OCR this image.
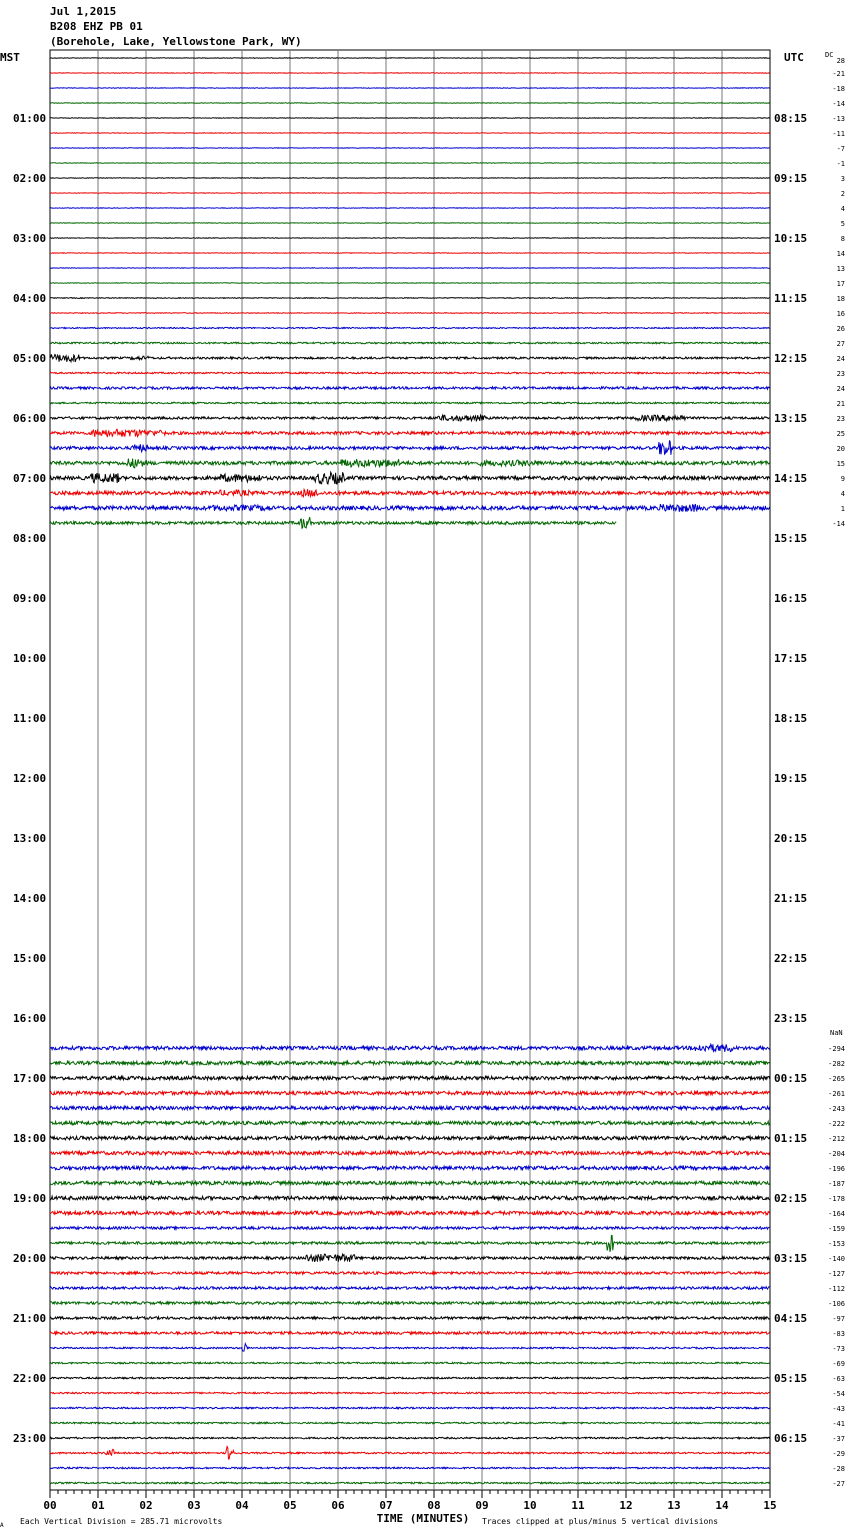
Jul 1,2015
B208 EHZ PB 01
(Borehole, Lake, Yellowstone Park, WY)
MST	UTC	DC
NaN
01:00
02:00
03:00
04:00
05:00
06:00
07:00
08:00
09:00
10:00
11:00
12:00
13:00
14:00
15:00
16:00
17:00
18:00
19:00
20:00
21:00
22:00
23:00
08:15
09:15
10:15
11:15
12:15
13:15
14:15
15:15
16:15
17:15
18:15
19:15
20:15
21:15
22:15
23:15
00:15
01:15
02:15
03:15
04:15
05:15
06:15
28
-21
-18
-14
-13
-11
-7
-1
3
2
4
5
8
14
13
17
18
16
26
27
24
23
24
21
23
25
20
15
9
4
1
-14
-294
-282
-265
-261
-243
-222
-212
-204
-196
-187
-178
-164
-159
-153
-140
-127
-112
-106
-97
-83
-73
-69
-63
-54
-43
-41
-37
-29
-28
-27
00	01	02	03	04	05	06	07	08	09	10	11	12	13	14	15
A Each Vertical Division = 285.71 microvolts	TIME (MINUTES) Traces clipped at plus/minus 5 vertical divisions
